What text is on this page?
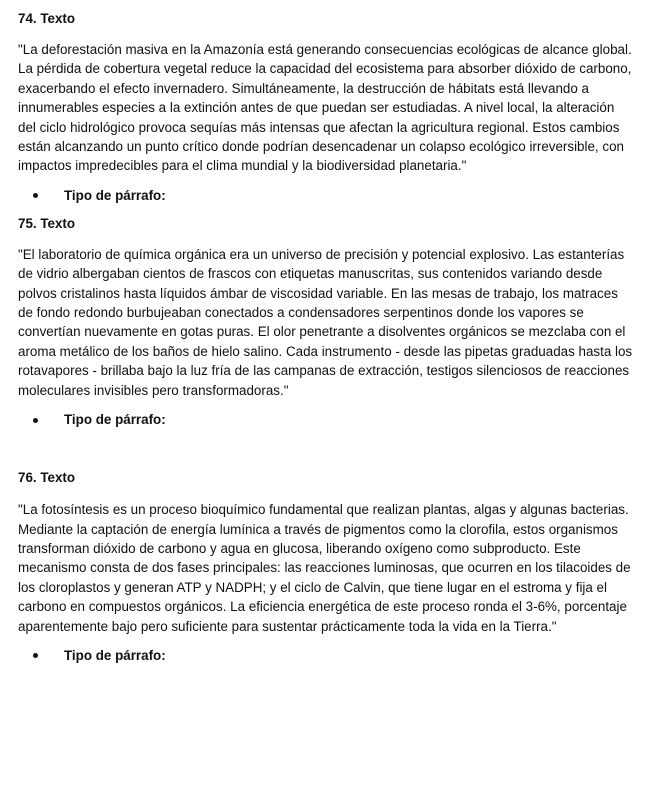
74. Texto

"La deforestación masiva en la Amazonía está generando consecuencias ecológicas de alcance global. La pérdida de cobertura vegetal reduce la capacidad del ecosistema para absorber dióxido de carbono, exacerbando el efecto invernadero. Simultáneamente, la destrucción de hábitats está llevando a innumerables especies a la extinción antes de que puedan ser estudiadas. A nivel local, la alteración del ciclo hidrológico provoca sequías más intensas que afectan la agricultura regional. Estos cambios están alcanzando un punto crítico donde podrían desencadenar un colapso ecológico irreversible, con impactos impredecibles para el clima mundial y la biodiversidad planetaria."

Tipo de párrafo:
75. Texto

"El laboratorio de química orgánica era un universo de precisión y potencial explosivo. Las estanterías de vidrio albergaban cientos de frascos con etiquetas manuscritas, sus contenidos variando desde polvos cristalinos hasta líquidos ámbar de viscosidad variable. En las mesas de trabajo, los matraces de fondo redondo burbujeaban conectados a condensadores serpentinos donde los vapores se convertían nuevamente en gotas puras. El olor penetrante a disolventes orgánicos se mezclaba con el aroma metálico de los baños de hielo salino. Cada instrumento - desde las pipetas graduadas hasta los rotavapores - brillaba bajo la luz fría de las campanas de extracción, testigos silenciosos de reacciones moleculares invisibles pero transformadoras."

Tipo de párrafo:
76. Texto

"La fotosíntesis es un proceso bioquímico fundamental que realizan plantas, algas y algunas bacterias. Mediante la captación de energía lumínica a través de pigmentos como la clorofila, estos organismos transforman dióxido de carbono y agua en glucosa, liberando oxígeno como subproducto. Este mecanismo consta de dos fases principales: las reacciones luminosas, que ocurren en los tilacoides de los cloroplastos y generan ATP y NADPH; y el ciclo de Calvin, que tiene lugar en el estroma y fija el carbono en compuestos orgánicos. La eficiencia energética de este proceso ronda el 3-6%, porcentaje aparentemente bajo pero suficiente para sustentar prácticamente toda la vida en la Tierra."

Tipo de párrafo:
